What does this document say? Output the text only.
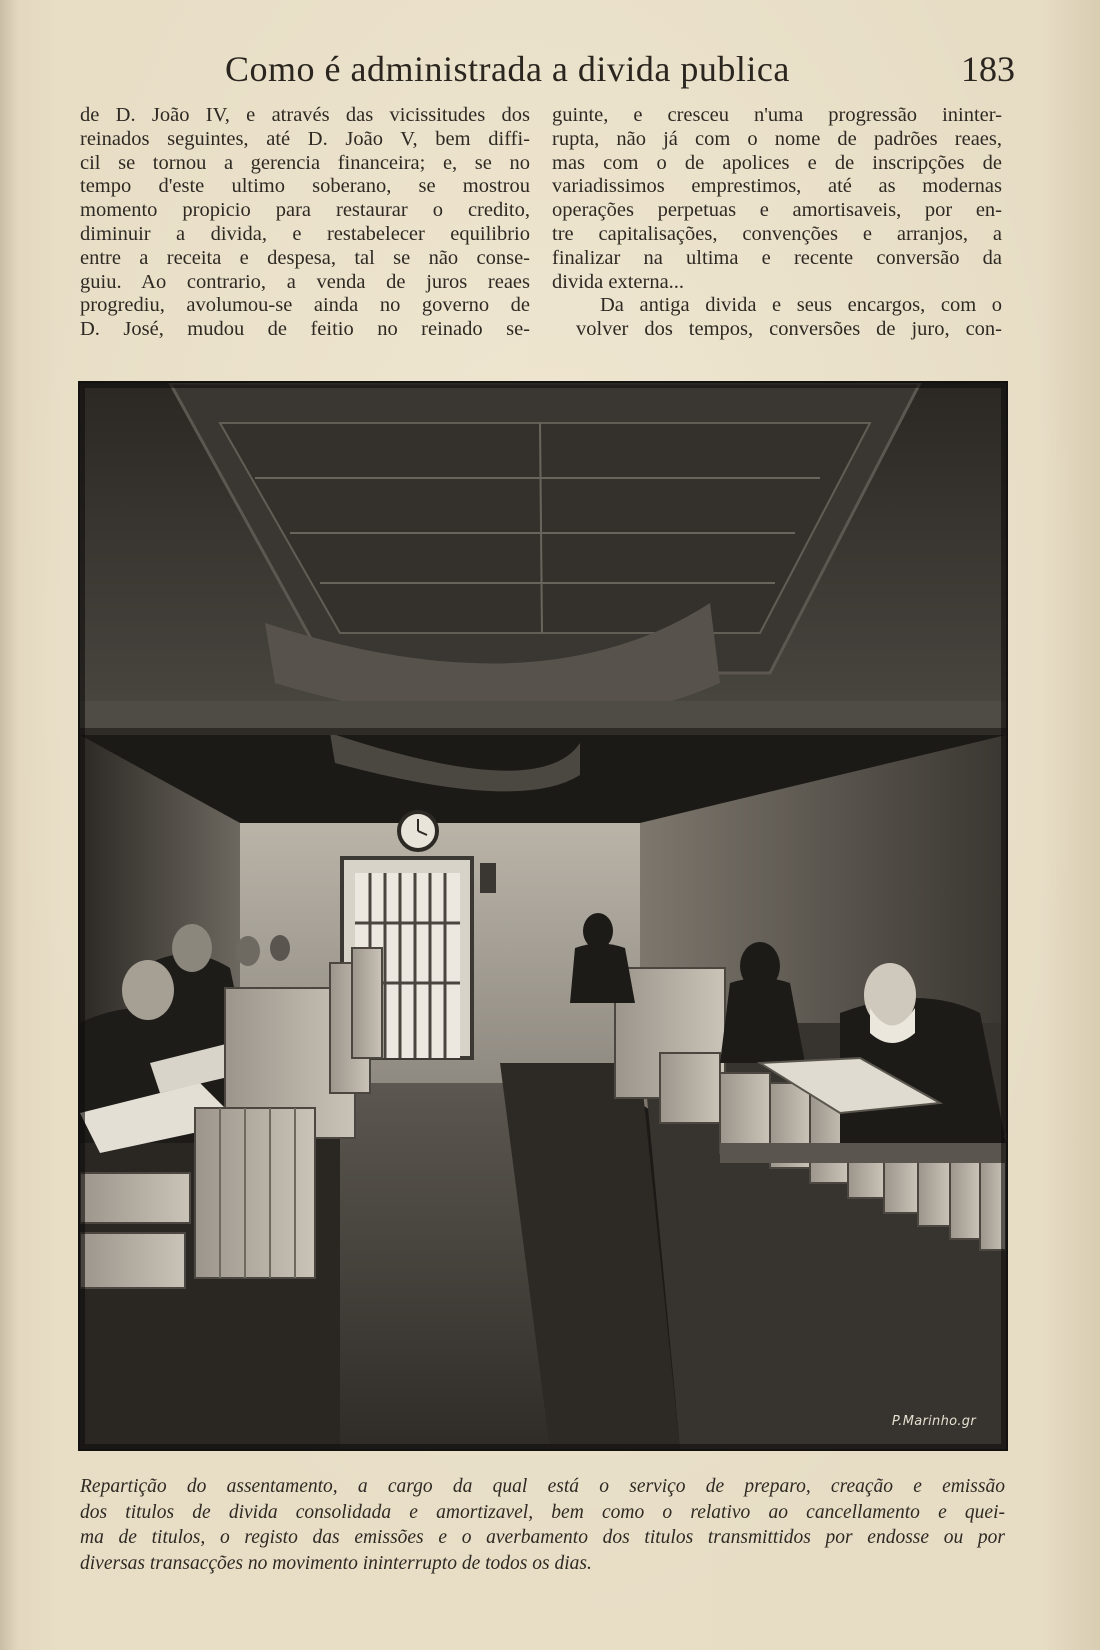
Como é administrada a divida publica	183

de D. João IV, e através das vicissitudes dos
reinados seguintes, até D. João V, bem diffi-
cil se tornou a gerencia financeira; e, se no
tempo d'este ultimo soberano, se mostrou
momento propicio para restaurar o credito,
diminuir a divida, e restabelecer equilibrio
entre a receita e despesa, tal se não conse-
guiu. Ao contrario, a venda de juros reaes
progrediu, avolumou-se ainda no governo de
D. José, mudou de feitio no reinado se-

guinte, e cresceu n'uma progressão ininter-
rupta, não já com o nome de padrões reaes,
mas com o de apolices e de inscripções de
variadissimos emprestimos, até as modernas
operações perpetuas e amortisaveis, por en-
tre capitalisações, convenções e arranjos, a
finalizar na ultima e recente conversão da
divida externa...

Da antiga divida e seus encargos, com o
volver dos tempos, conversões de juro, con-

P.Marinho.gr
Repartição do assentamento, a cargo da qual está o serviço de preparo, creação e emissão
dos titulos de divida consolidada e amortizavel, bem como o relativo ao cancellamento e quei-
ma de titulos, o registo das emissões e o averbamento dos titulos transmittidos por endosse ou por
diversas transacções no movimento ininterrupto de todos os dias.
